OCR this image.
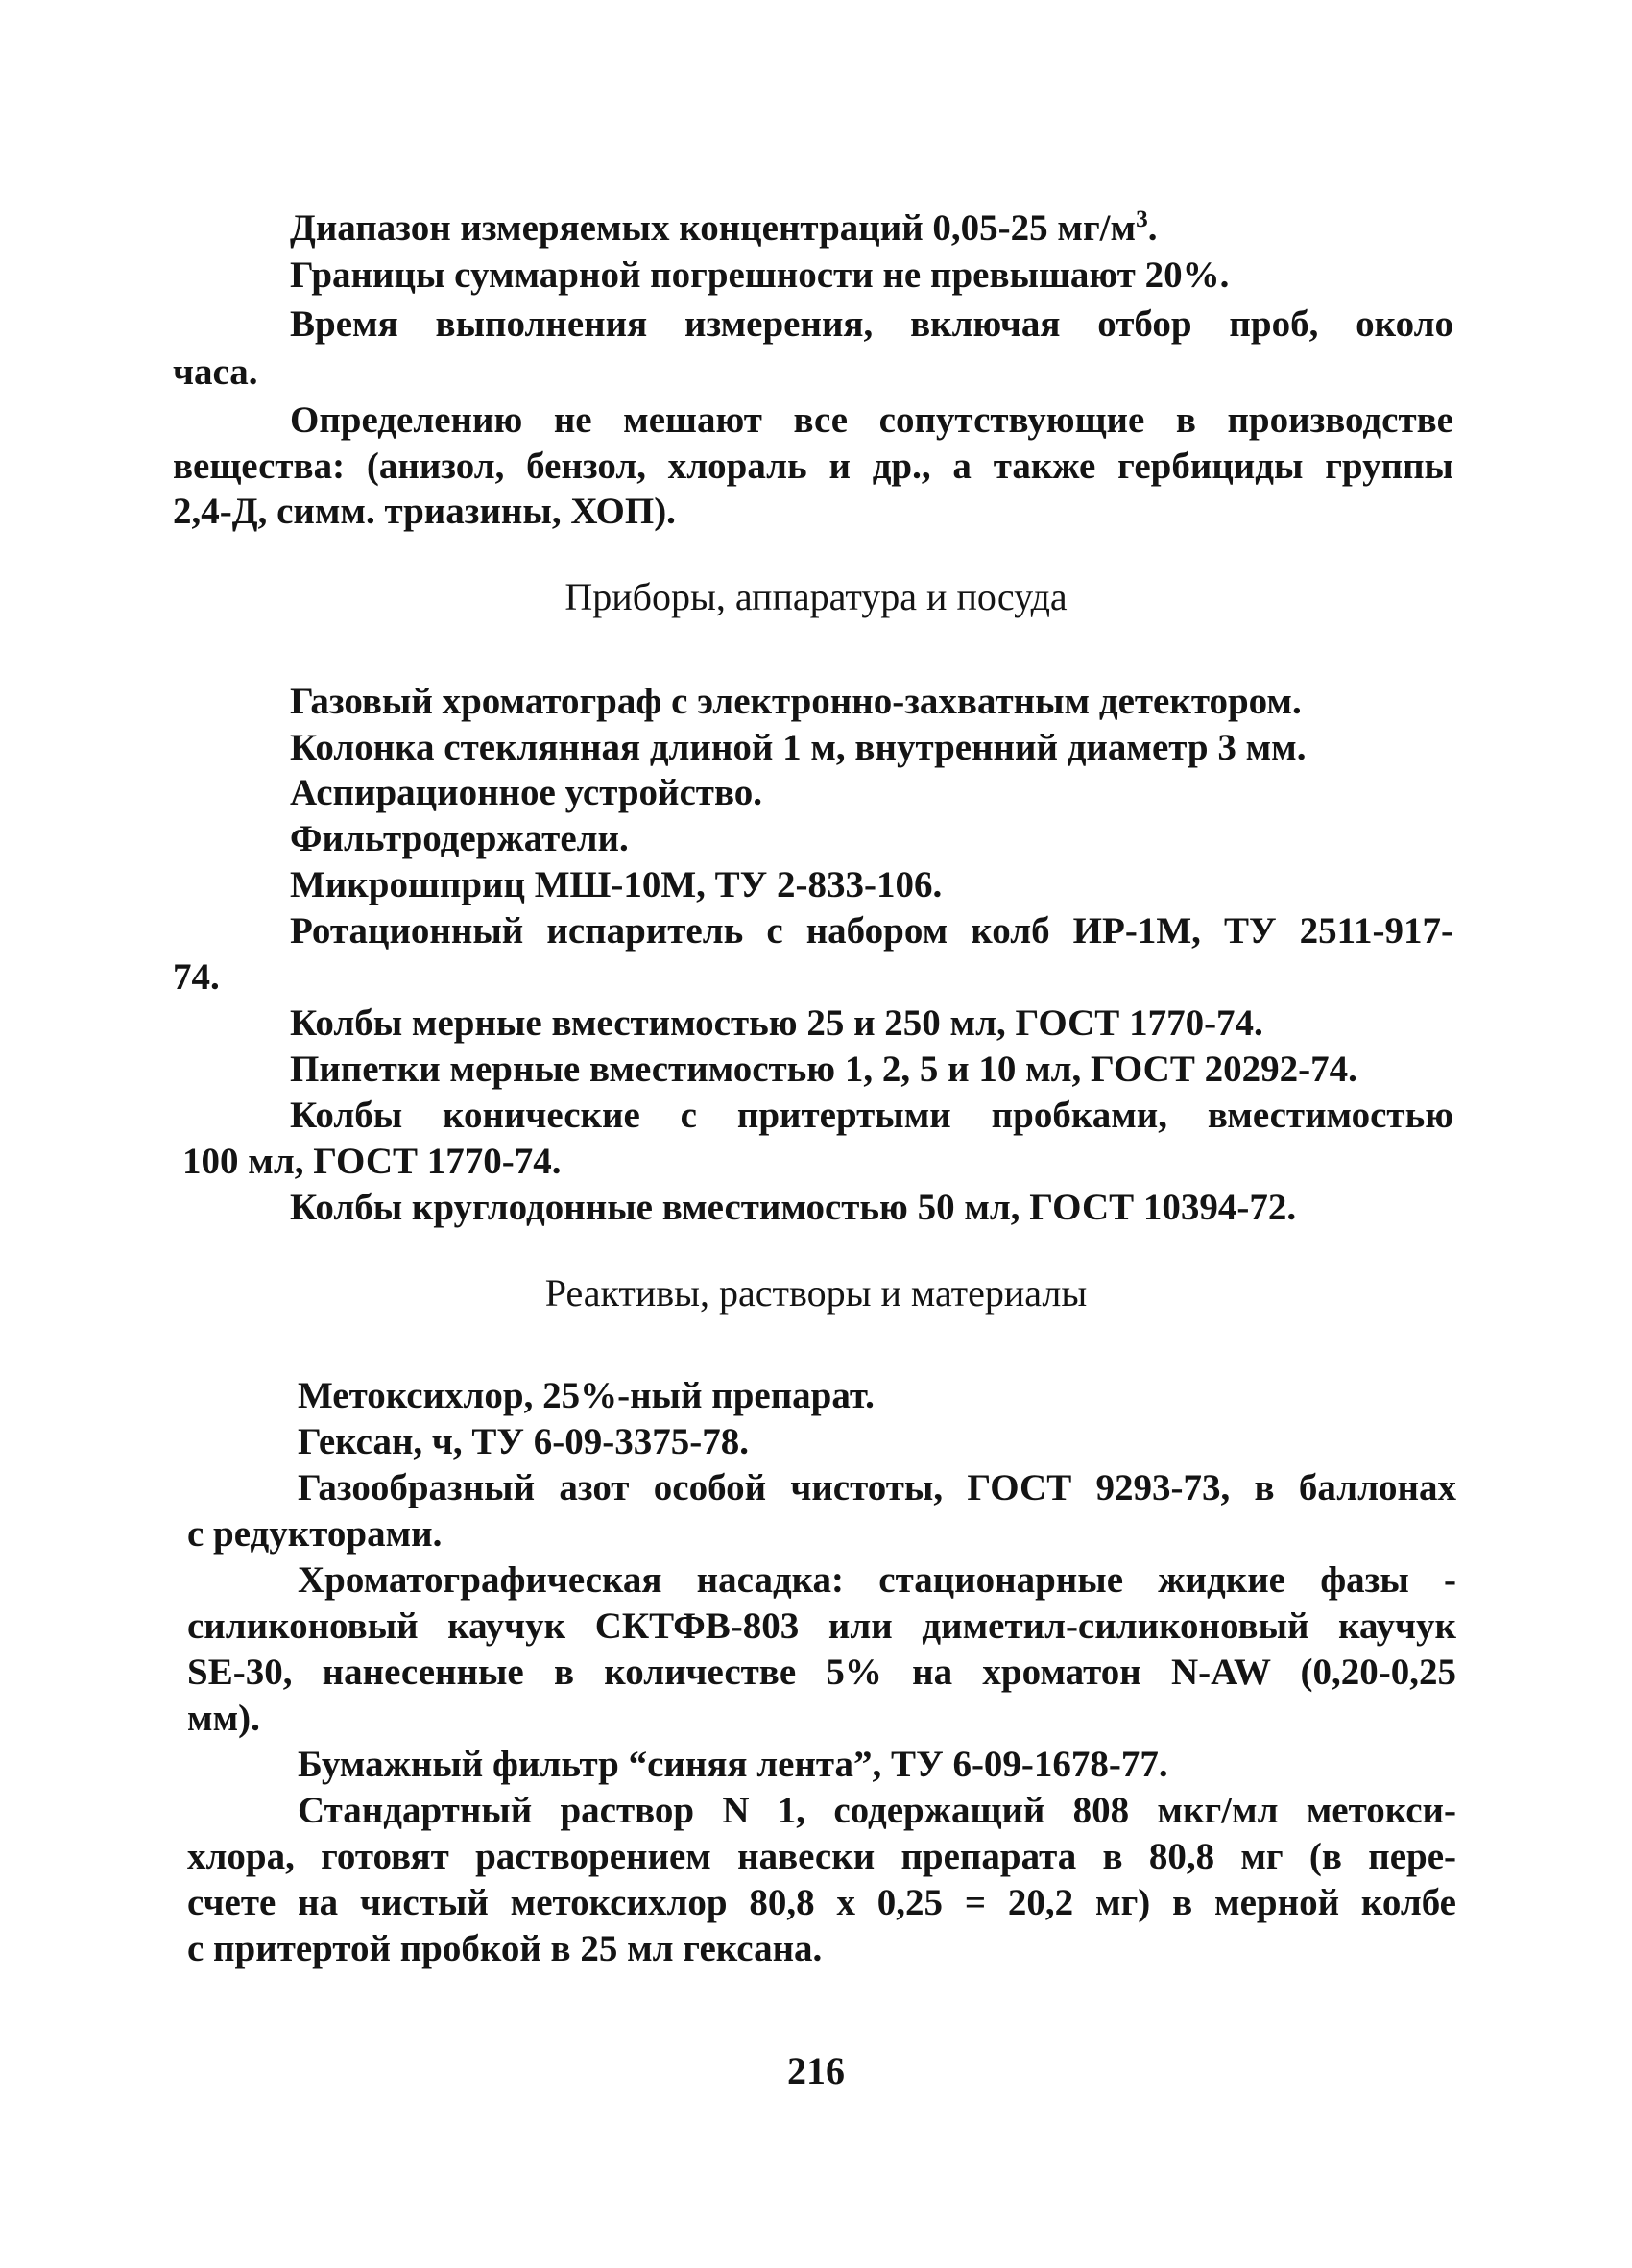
Диапазон измеряемых концентраций 0,05-25 $мг/м^3$.
Границы суммарной погрешности не превышают 20%.
Время выполнения измерения, включая отбор проб, около
часа.
Определению не мешают все сопутствующие в производстве
вещества: (анизол, бензол, хлораль и др., а также гербициды группы
2,4-Д, симм. триазины, ХОП).
Приборы, аппаратура и посуда
Газовый хроматограф с электронно-захватным детектором.
Колонка стеклянная длиной 1 м, внутренний диаметр 3 мм.
Аспирационное устройство.
Фильтродержатели.
Микрошприц МШ-10М, ТУ 2-833-106.
Ротационный испаритель с набором колб ИР-1М, ТУ 2511-917-
74.
Колбы мерные вместимостью 25 и 250 мл, ГОСТ 1770-74.
Пипетки мерные вместимостью 1, 2, 5 и 10 мл, ГОСТ 20292-74.
Колбы конические с притертыми пробками, вместимостью
100 мл, ГОСТ 1770-74.
Колбы круглодонные вместимостью 50 мл, ГОСТ 10394-72.
Реактивы, растворы и материалы
Метоксихлор, 25%-ный препарат.
Гексан, ч, ТУ 6-09-3375-78.
Газообразный азот особой чистоты, ГОСТ 9293-73, в баллонах
с редукторами.
Хроматографическая насадка: стационарные жидкие фазы -
силиконовый каучук СКТФВ-803 или диметил-силиконовый каучук
SE-30, нанесенные в количестве 5% на хроматон N-AW (0,20-0,25
мм).
Бумажный фильтр “синяя лента”, ТУ 6-09-1678-77.
Стандартный раствор N 1, содержащий 808 мкг/мл метокси-
хлора, готовят растворением навески препарата в 80,8 мг (в пере-
счете на чистый метоксихлор 80,8 х 0,25 = 20,2 мг) в мерной колбе
с притертой пробкой в 25 мл гексана.
216
